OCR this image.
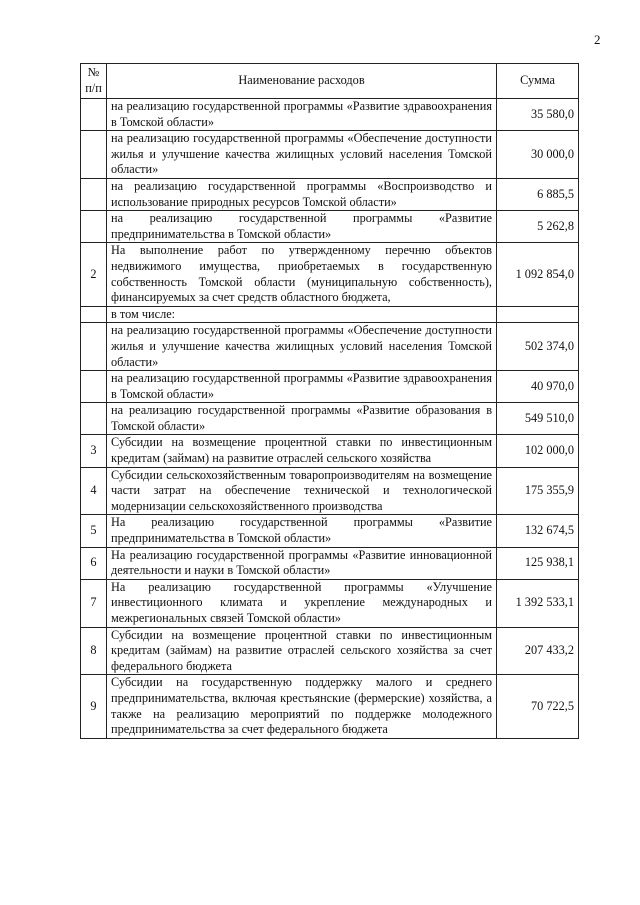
2
№ п/п	Наименование расходов	Сумма
	на реализацию государственной программы «Развитие здравоохранения в Томской области»	35 580,0
	на реализацию государственной программы «Обеспечение доступности жилья и улучшение качества жилищных условий населения Томской области»	30 000,0
	на реализацию государственной программы «Воспроизводство и использование природных ресурсов Томской области»	6 885,5
	на реализацию государственной программы «Развитие предпринимательства в Томской области»	5 262,8
2	На выполнение работ по утвержденному перечню объектов недвижимого имущества, приобретаемых в государственную собственность Томской области (муниципальную собственность), финансируемых за счет средств областного бюджета,	1 092 854,0
	в том числе:	
	на реализацию государственной программы «Обеспечение доступности жилья и улучшение качества жилищных условий населения Томской области»	502 374,0
	на реализацию государственной программы «Развитие здравоохранения в Томской области»	40 970,0
	на реализацию государственной программы «Развитие образования в Томской области»	549 510,0
3	Субсидии на возмещение процентной ставки по инвестиционным кредитам (займам) на развитие отраслей сельского хозяйства	102 000,0
4	Субсидии сельскохозяйственным товаропроизводителям на возмещение части затрат на обеспечение технической и технологической модернизации сельскохозяйственного производства	175 355,9
5	На реализацию государственной программы «Развитие предпринимательства в Томской области»	132 674,5
6	На реализацию государственной программы «Развитие инновационной деятельности и науки в Томской области»	125 938,1
7	На реализацию государственной программы «Улучшение инвестиционного климата и укрепление международных и межрегиональных связей Томской области»	1 392 533,1
8	Субсидии на возмещение процентной ставки по инвестиционным кредитам (займам) на развитие отраслей сельского хозяйства за счет федерального бюджета	207 433,2
9	Субсидии на государственную поддержку малого и среднего предпринимательства, включая крестьянские (фермерские) хозяйства, а также на реализацию мероприятий по поддержке молодежного предпринимательства за счет федерального бюджета	70 722,5
